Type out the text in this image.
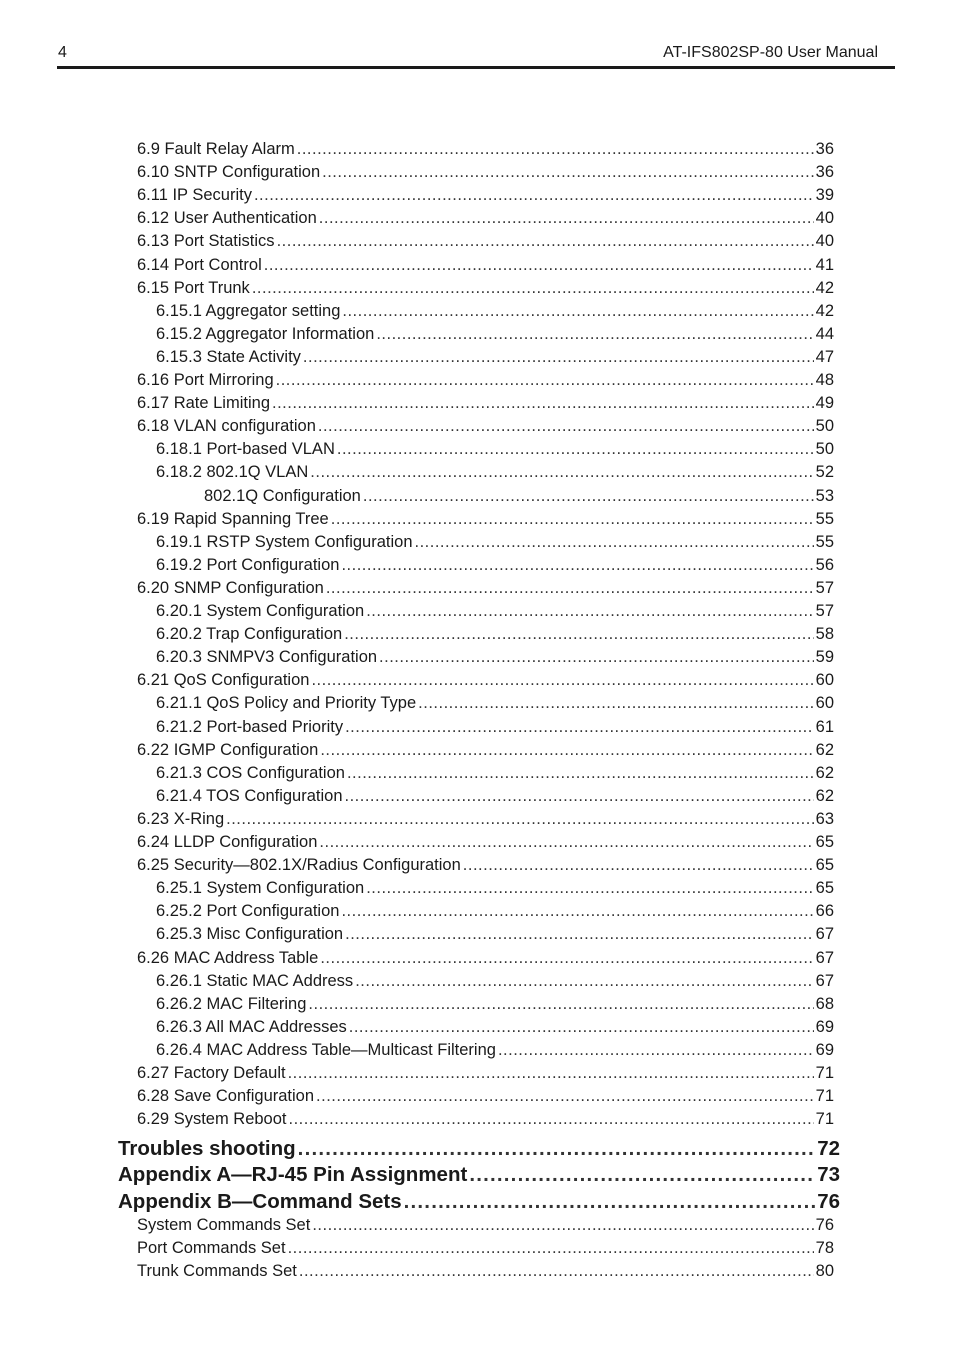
4	AT-IFS802SP-80 User Manual
6.9 Fault Relay Alarm .....	36
6.10 SNTP Configuration .....	36
6.11 IP Security .....	39
6.12 User Authentication .....	40
6.13 Port Statistics .....	40
6.14 Port Control .....	41
6.15 Port Trunk .....	42
6.15.1 Aggregator setting .....	42
6.15.2 Aggregator Information .....	44
6.15.3 State Activity .....	47
6.16 Port Mirroring .....	48
6.17 Rate Limiting .....	49
6.18 VLAN configuration .....	50
6.18.1 Port-based VLAN .....	50
6.18.2 802.1Q VLAN .....	52
802.1Q Configuration .....	53
6.19 Rapid Spanning Tree .....	55
6.19.1 RSTP System Configuration .....	55
6.19.2 Port Configuration .....	56
6.20 SNMP Configuration .....	57
6.20.1 System Configuration .....	57
6.20.2 Trap Configuration .....	58
6.20.3 SNMPV3 Configuration .....	59
6.21 QoS Configuration .....	60
6.21.1 QoS Policy and Priority Type .....	60
6.21.2 Port-based Priority .....	61
6.22 IGMP Configuration .....	62
6.21.3 COS Configuration .....	62
6.21.4 TOS Configuration .....	62
6.23 X-Ring .....	63
6.24 LLDP Configuration .....	65
6.25 Security—802.1X/Radius Configuration .....	65
6.25.1 System Configuration .....	65
6.25.2 Port Configuration .....	66
6.25.3 Misc Configuration .....	67
6.26 MAC Address Table .....	67
6.26.1 Static MAC Address .....	67
6.26.2 MAC Filtering .....	68
6.26.3 All MAC Addresses .....	69
6.26.4 MAC Address Table—Multicast Filtering .....	69
6.27 Factory Default .....	71
6.28 Save Configuration .....	71
6.29 System Reboot .....	71
Troubles shooting .....	72
Appendix A—RJ-45 Pin Assignment .....	73
Appendix B—Command Sets .....	76
System Commands Set .....	76
Port Commands Set .....	78
Trunk Commands Set .....	80
